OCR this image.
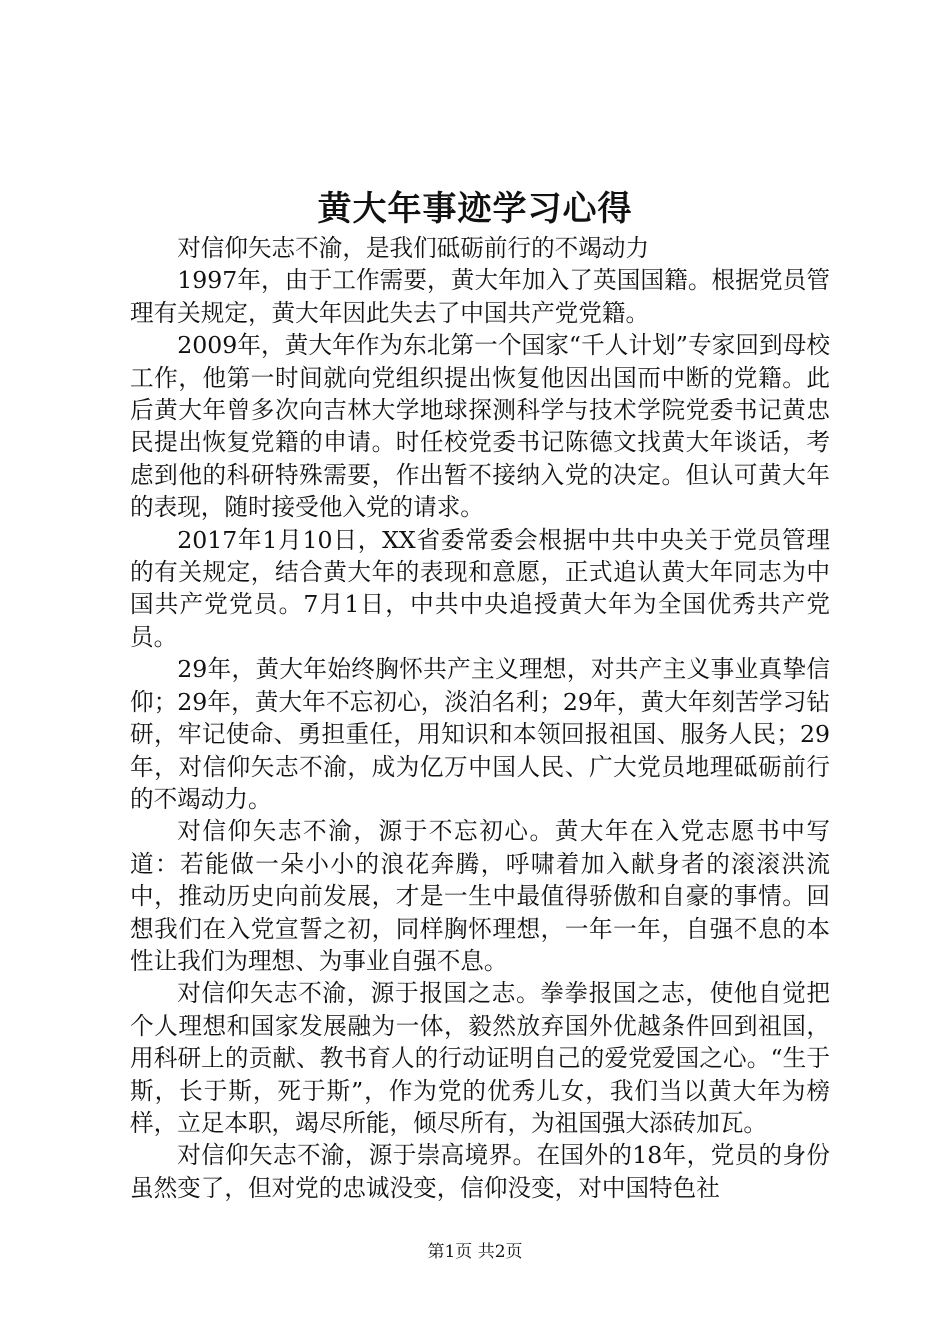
黄大年事迹学习心得

对信仰矢志不渝，是我们砥砺前行的不竭动力

1997年，由于工作需要，黄大年加入了英国国籍。根据党员管理有关规定，黄大年因此失去了中国共产党党籍。

2009年，黄大年作为东北第一个国家“千人计划”专家回到母校工作，他第一时间就向党组织提出恢复他因出国而中断的党籍。此后黄大年曾多次向吉林大学地球探测科学与技术学院党委书记黄忠民提出恢复党籍的申请。时任校党委书记陈德文找黄大年谈话，考虑到他的科研特殊需要，作出暂不接纳入党的决定。但认可黄大年的表现，随时接受他入党的请求。

2017年1月10日，XX省委常委会根据中共中央关于党员管理的有关规定，结合黄大年的表现和意愿，正式追认黄大年同志为中国共产党党员。7月1日，中共中央追授黄大年为全国优秀共产党员。

29年，黄大年始终胸怀共产主义理想，对共产主义事业真挚信仰；29年，黄大年不忘初心，淡泊名利；29年，黄大年刻苦学习钻研，牢记使命、勇担重任，用知识和本领回报祖国、服务人民；29年，对信仰矢志不渝，成为亿万中国人民、广大党员地理砥砺前行的不竭动力。

对信仰矢志不渝，源于不忘初心。黄大年在入党志愿书中写道：若能做一朵小小的浪花奔腾，呼啸着加入献身者的滚滚洪流中，推动历史向前发展，才是一生中最值得骄傲和自豪的事情。回想我们在入党宣誓之初，同样胸怀理想，一年一年，自强不息的本性让我们为理想、为事业自强不息。

对信仰矢志不渝，源于报国之志。拳拳报国之志，使他自觉把个人理想和国家发展融为一体，毅然放弃国外优越条件回到祖国，用科研上的贡献、教书育人的行动证明自己的爱党爱国之心。“生于斯，长于斯，死于斯”，作为党的优秀儿女，我们当以黄大年为榜样，立足本职，竭尽所能，倾尽所有，为祖国强大添砖加瓦。

对信仰矢志不渝，源于崇高境界。在国外的18年，党员的身份虽然变了，但对党的忠诚没变，信仰没变，对中国特色社

第1页 共2页
